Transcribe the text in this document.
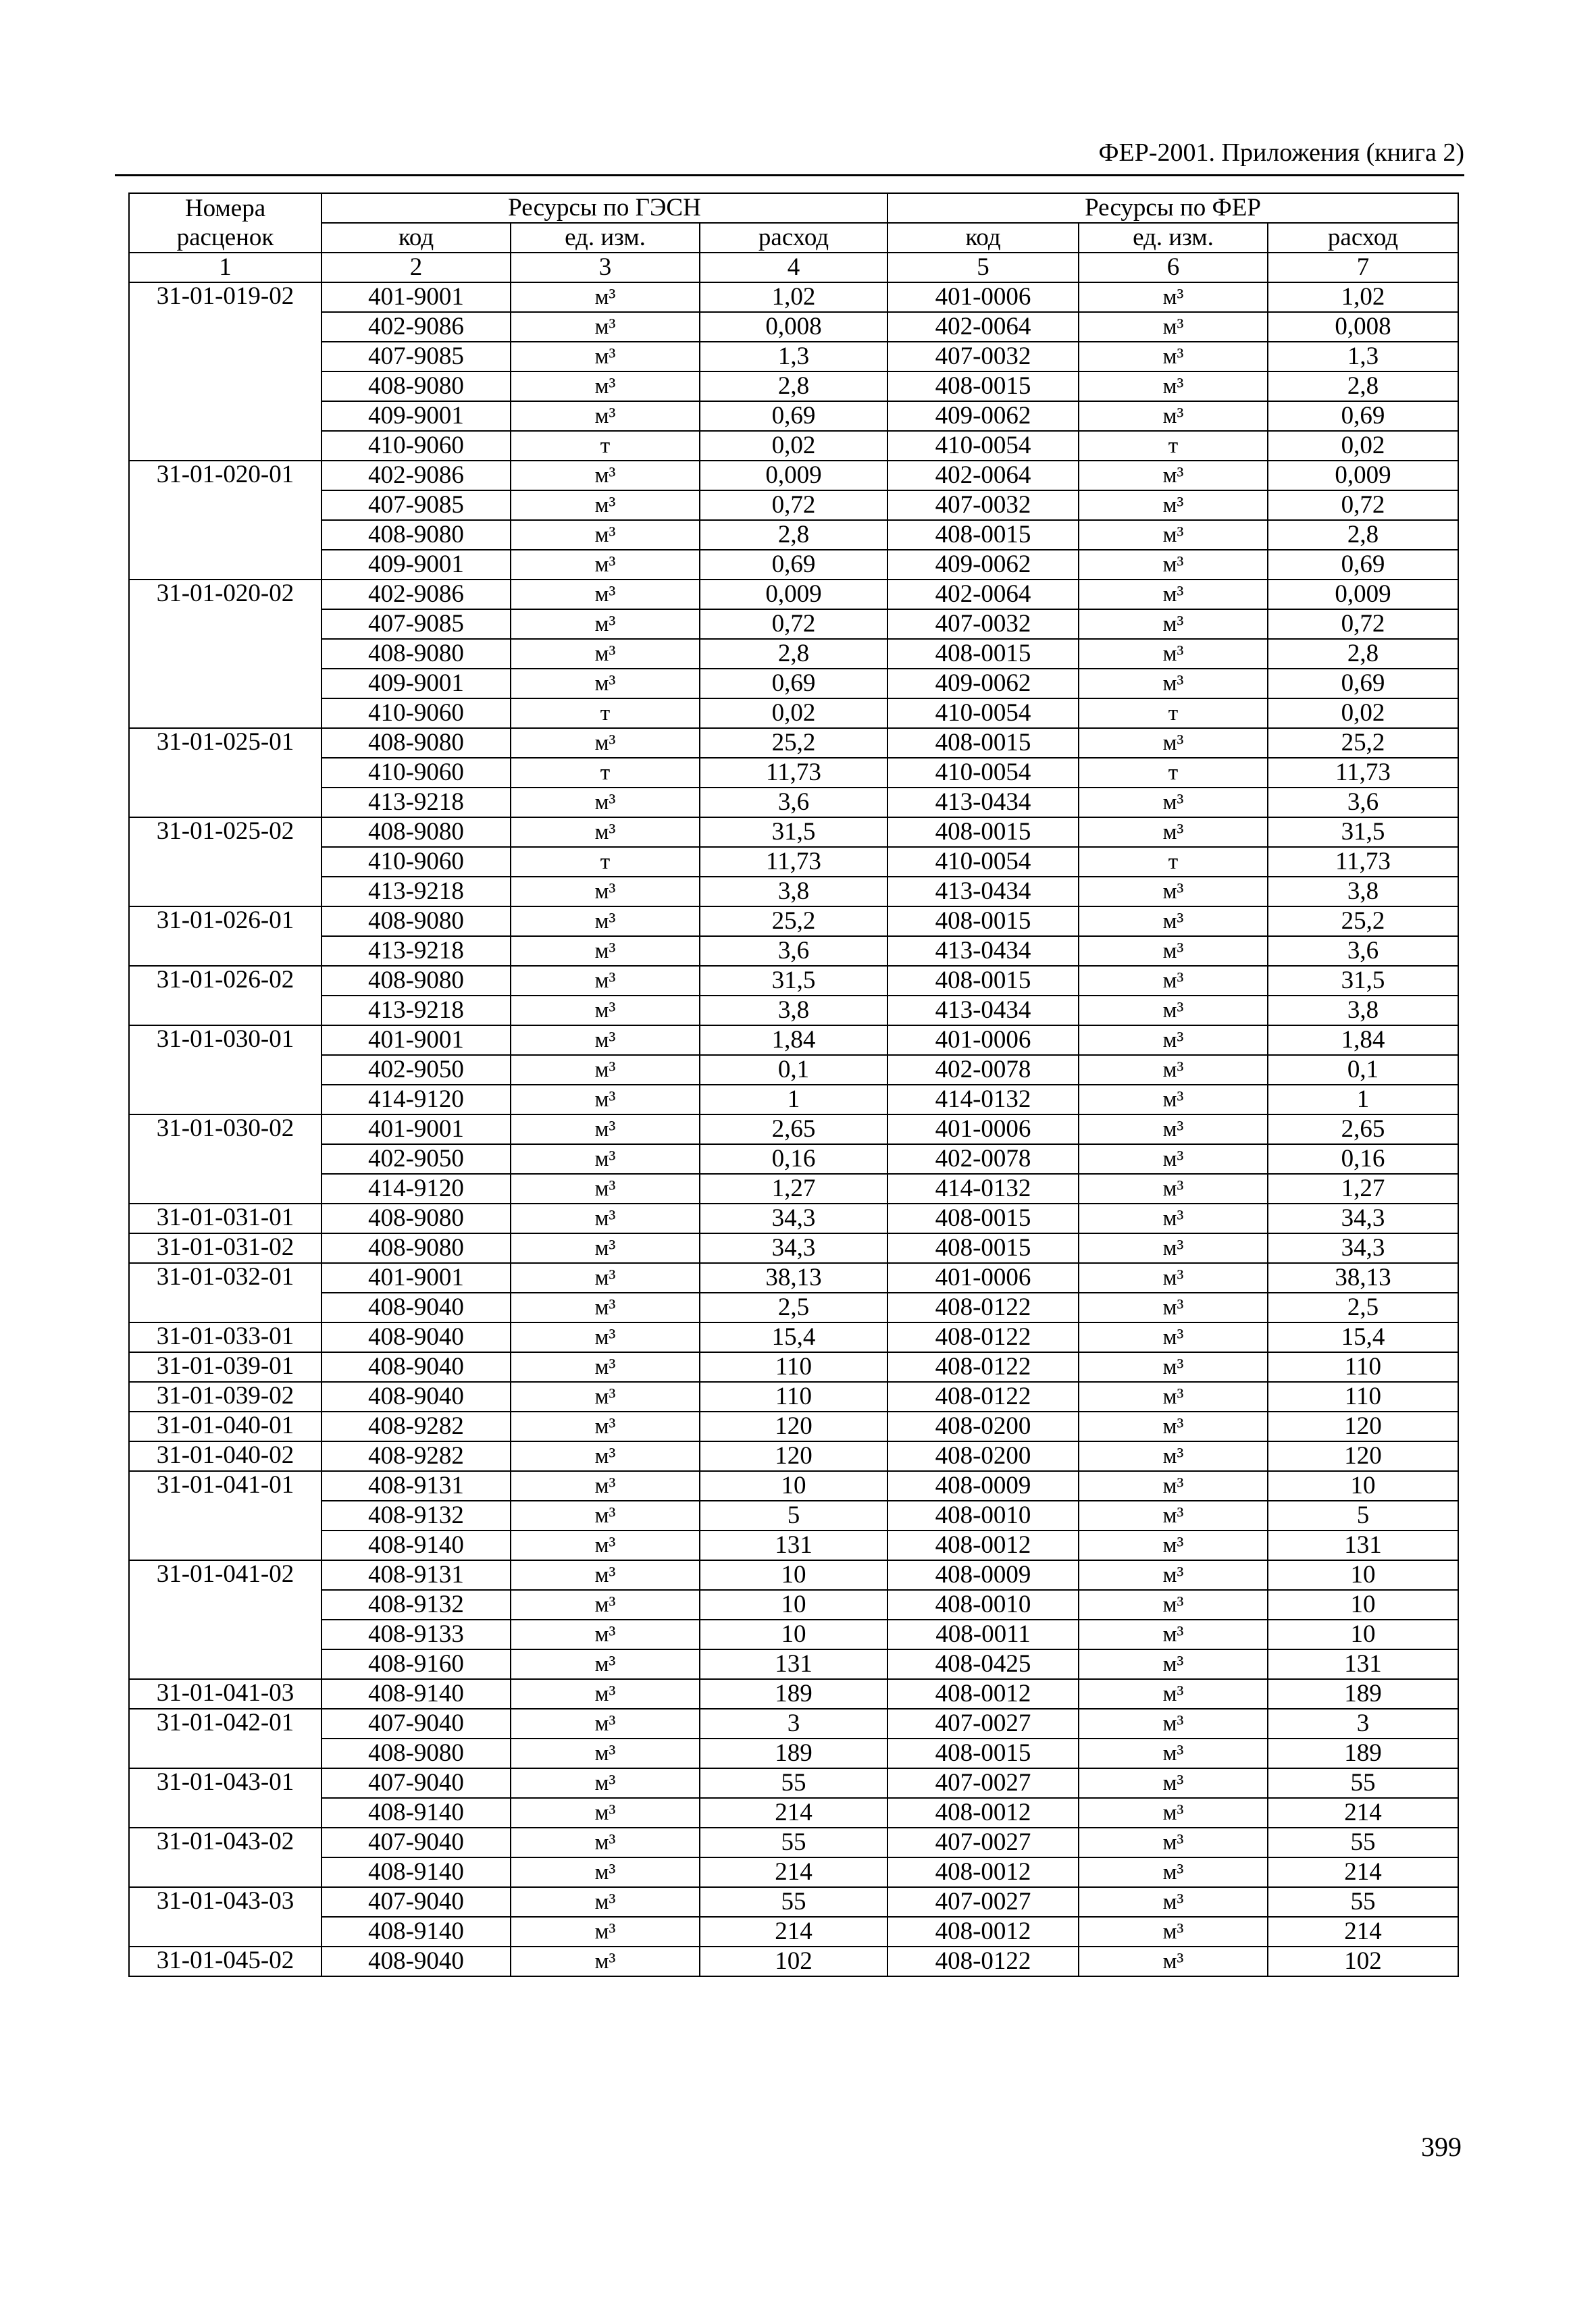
ФЕР-2001. Приложения (книга 2)
Номера	Ресурсы по ГЭСН			Ресурсы по ФЕР		
расценок	код	ед. изм.	расход	код	ед. изм.	расход
1	2	3	4	5	6	7
31-01-019-02	401-9001	м³	1,02	401-0006	м³	1,02
	402-9086	м³	0,008	402-0064	м³	0,008
	407-9085	м³	1,3	407-0032	м³	1,3
	408-9080	м³	2,8	408-0015	м³	2,8
	409-9001	м³	0,69	409-0062	м³	0,69
	410-9060	т	0,02	410-0054	т	0,02
31-01-020-01	402-9086	м³	0,009	402-0064	м³	0,009
	407-9085	м³	0,72	407-0032	м³	0,72
	408-9080	м³	2,8	408-0015	м³	2,8
	409-9001	м³	0,69	409-0062	м³	0,69
31-01-020-02	402-9086	м³	0,009	402-0064	м³	0,009
	407-9085	м³	0,72	407-0032	м³	0,72
	408-9080	м³	2,8	408-0015	м³	2,8
	409-9001	м³	0,69	409-0062	м³	0,69
	410-9060	т	0,02	410-0054	т	0,02
31-01-025-01	408-9080	м³	25,2	408-0015	м³	25,2
	410-9060	т	11,73	410-0054	т	11,73
	413-9218	м³	3,6	413-0434	м³	3,6
31-01-025-02	408-9080	м³	31,5	408-0015	м³	31,5
	410-9060	т	11,73	410-0054	т	11,73
	413-9218	м³	3,8	413-0434	м³	3,8
31-01-026-01	408-9080	м³	25,2	408-0015	м³	25,2
	413-9218	м³	3,6	413-0434	м³	3,6
31-01-026-02	408-9080	м³	31,5	408-0015	м³	31,5
	413-9218	м³	3,8	413-0434	м³	3,8
31-01-030-01	401-9001	м³	1,84	401-0006	м³	1,84
	402-9050	м³	0,1	402-0078	м³	0,1
	414-9120	м³	1	414-0132	м³	1
31-01-030-02	401-9001	м³	2,65	401-0006	м³	2,65
	402-9050	м³	0,16	402-0078	м³	0,16
	414-9120	м³	1,27	414-0132	м³	1,27
31-01-031-01	408-9080	м³	34,3	408-0015	м³	34,3
31-01-031-02	408-9080	м³	34,3	408-0015	м³	34,3
31-01-032-01	401-9001	м³	38,13	401-0006	м³	38,13
	408-9040	м³	2,5	408-0122	м³	2,5
31-01-033-01	408-9040	м³	15,4	408-0122	м³	15,4
31-01-039-01	408-9040	м³	110	408-0122	м³	110
31-01-039-02	408-9040	м³	110	408-0122	м³	110
31-01-040-01	408-9282	м³	120	408-0200	м³	120
31-01-040-02	408-9282	м³	120	408-0200	м³	120
31-01-041-01	408-9131	м³	10	408-0009	м³	10
	408-9132	м³	5	408-0010	м³	5
	408-9140	м³	131	408-0012	м³	131
31-01-041-02	408-9131	м³	10	408-0009	м³	10
	408-9132	м³	10	408-0010	м³	10
	408-9133	м³	10	408-0011	м³	10
	408-9160	м³	131	408-0425	м³	131
31-01-041-03	408-9140	м³	189	408-0012	м³	189
31-01-042-01	407-9040	м³	3	407-0027	м³	3
	408-9080	м³	189	408-0015	м³	189
31-01-043-01	407-9040	м³	55	407-0027	м³	55
	408-9140	м³	214	408-0012	м³	214
31-01-043-02	407-9040	м³	55	407-0027	м³	55
	408-9140	м³	214	408-0012	м³	214
31-01-043-03	407-9040	м³	55	407-0027	м³	55
	408-9140	м³	214	408-0012	м³	214
31-01-045-02	408-9040	м³	102	408-0122	м³	102
399
